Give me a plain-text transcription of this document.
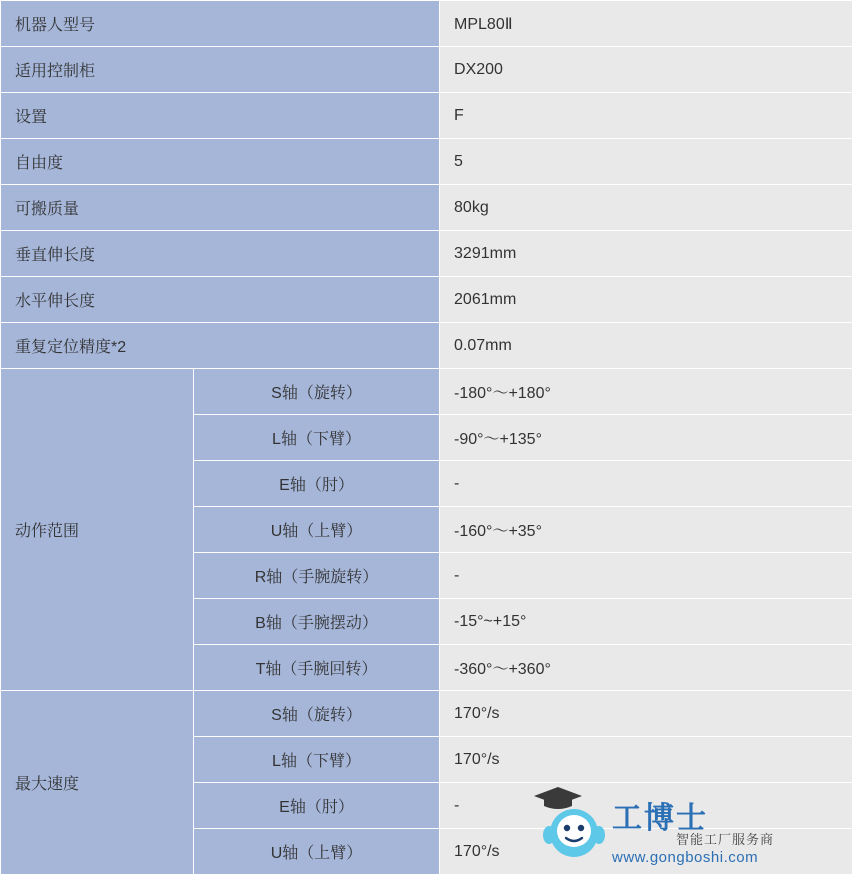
机器人型号		MPL80Ⅱ
适用控制柜		DX200
设置		F
自由度		5
可搬质量		80kg
垂直伸长度		3291mm
水平伸长度		2061mm
重复定位精度*2		0.07mm
动作范围	S轴（旋转）	-180°～+180°
	L轴（下臂）	-90°～+135°
	E轴（肘）	-
	U轴（上臂）	-160°～+35°
	R轴（手腕旋转）	-
	B轴（手腕摆动）	-15°~+15°
	T轴（手腕回转）	-360°～+360°
最大速度	S轴（旋转）	170°/s
	L轴（下臂）	170°/s
	E轴（肘）	-
	U轴（上臂）	170°/s
工博士
智能工厂服务商
www.gongboshi.com
